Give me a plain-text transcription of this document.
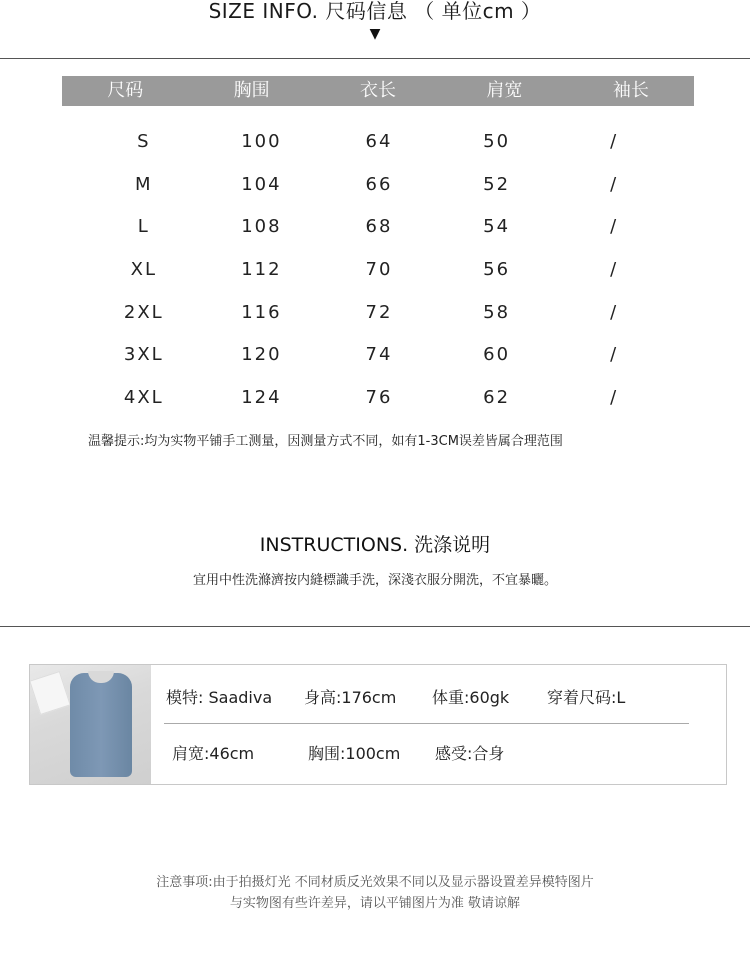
SIZE INFO. 尺码信息 （ 单位cm ）
▼
尺码	胸围	衣长	肩宽	袖长
S	100	64	50	/
M	104	66	52	/
L	108	68	54	/
XL	112	70	56	/
2XL	116	72	58	/
3XL	120	74	60	/
4XL	124	76	62	/
温馨提示:均为实物平铺手工测量，因测量方式不同，如有1-3CM误差皆属合理范围
INSTRUCTIONS. 洗涤说明
宜用中性洗滌濟按内縫標識手洗，深淺衣服分開洗，不宜暴曬。
模特: Saadiva 身高:176cm 体重:60gk 穿着尺码:L
肩宽:46cm	胸围:100cm 感受:合身
注意事项:由于拍摄灯光 不同材质反光效果不同以及显示器设置差异模特图片
与实物图有些许差异，请以平铺图片为准 敬请谅解
